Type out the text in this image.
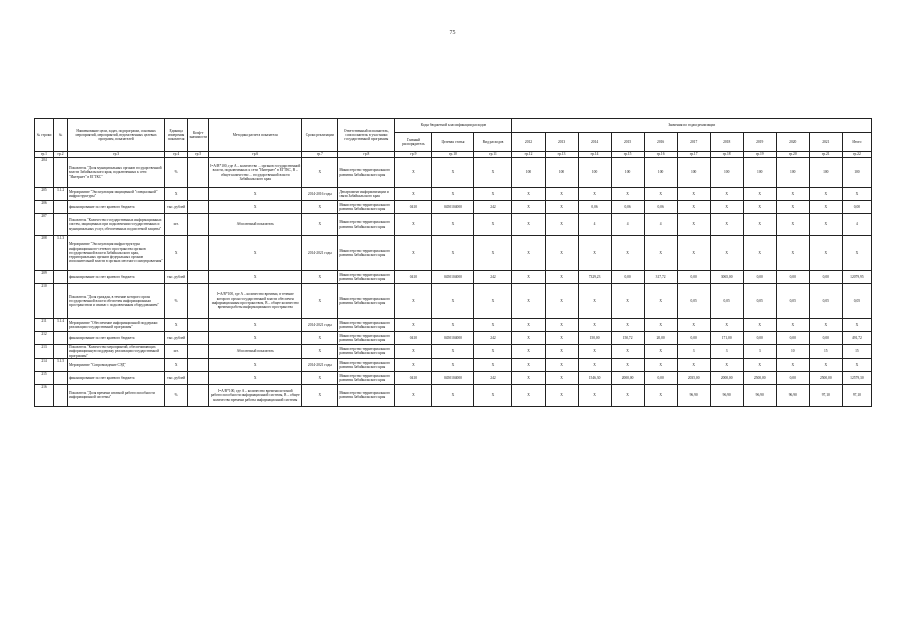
75
№ строки	№	Наименование цели, задач, подпрограмм, основных мероприятий, мероприятий, ведомственных целевых программ, показателей	Единица измерения показателя	Коэф-т значимости	Методика расчета показателя	Сроки реализации	Ответственный исполнитель, соисполнитель в участники государственной программы	Коды бюджетной классификации расходов			Значения по годам реализации										
								Главный распорядитель	Целевая статья	Вид расходов	2012	2013	2014	2015	2016	2017	2018	2019	2020	2021	Итого
гр.1	гр.2	гр.3	гр.4	гр.5	гр.6	гр.7	гр.8	гр.9	гр.10	гр.11	гр.12	гр.13	гр.14	гр.15	гр.16	гр.17	гр.18	гр.19	гр.20	гр.21	гр.22
204		Показатель "Доля муниципальных органов государственной власти Забайкальского края, подключенных к сети "Интернет" в ЕГТКС"	%		I=A/B*100, где A – количество ... органов государственной власти, подключенных к сети "Интернет" в ЕГТКС, B – общее количество ... государственной власти Забайкальского края	X	Министерство территориального развития Забайкальского края	X	X	X	100	100	100	100	100	100	100	100	100	100	100
205	3.1.2	Мероприятие "Эксплуатация защищенной "специальной" инфраструктуры"	X		X	2014-2016 годы	Департамент информатизации и связи Забайкальского края	X	X	X	X	X	X	X	X	X	X	X	X	X	X
206		финансирование за счет краевого бюджета	тыс. рублей		X	X	Министерство территориального развития Забайкальского края	0410	0450104000	242	X	X	0,06	0,06	0,06	X	X	X	X	X	0,00
207		Показатель "Количество государственных информационных систем, защищенных при подключении государственных и муниципальных услуг, обеспеченных подсистемой защиты"	шт.		Абсолютный показатель	X	Министерство территориального развития Забайкальского края	X	X	X	X	X	4	4	4	X	X	X	X	X	4
208	3.1.3	Мероприятие "Эксплуатация инфраструктуры информационного-сетевого пространства органов государственной власти Забайкальского края, территориальных органов федеральных органов исполнительной власти в органах местного самоуправления"	X		X	2014-2021 годы	Министерство территориального развития Забайкальского края	X	X	X	X	X	X	X	X	X	X	X	X	X	X
209		финансирование за счет краевого бюджета	тыс. рублей		X	X	Министерство территориального развития Забайкальского края	0410	0450104000	242	X	X	7329,23	0,00	317,72	0,00	3065,00	0,00	0,00	0,00	12079,95
210		Показатель "Доля граждан, в течение которого орган государственной власти обеспечен информационным пространством и связью с подключенным оборудованием"	%		I=A/B*100, где A – количество времени, в течение которого орган государственной власти обеспечен информационным пространством, B – общее количество времени работы информационного пространства	X	Министерство территориального развития Забайкальского края	X	X	X	X	X	X	X	X	0,05	0,05	0,05	0,05	0,05	0,05
211	3.1.4	Мероприятие "Обеспечение информационной поддержки реализации государственной программы"	X		X	2014-2021 годы	Министерство территориального развития Забайкальского края	X	X	X	X	X	X	X	X	X	X	X	X	X	X
212		финансирование за счет краевого бюджета	тыс. рублей		X	X	Министерство территориального развития Забайкальского края	0410	0450104000	242	X	X	150,00	150,72	20,00	0,00	171,00	0,00	0,00	0,00	491,72
213		Показатель "Количество мероприятий, обеспечивающих информационную поддержку реализации государственной программы"	шт.		Абсолютный показатель	X	Министерство территориального развития Забайкальского края	X	X	X	X	X	X	X	X	3	3	3	10	15	15
214	3.1.5	Мероприятие "Сопровождение СЭД"	X		X	2014-2021 годы	Министерство территориального развития Забайкальского края	X	X	X	X	X	X	X	X	X	X	X	X	X	X
215		финансирование за счет краевого бюджета	тыс. рублей		X	X	Министерство территориального развития Забайкальского края	0410	0450104000	242	X	X	1546,30	2000,00	0,00	2035,00	2000,00	2500,00	0,00	2500,00	12579,30
216		Показатель "Доля времени штатной работоспособности информационной системы"	%		I=A/B*100, где A – количество времени штатной работоспособности информационной системы, B – общее количество времени работы информационной системы	X	Министерство территориального развития Забайкальского края	X	X	X	X	X	X	X	X	96,90	96,90	96,90	96,90	97,10	97,10
